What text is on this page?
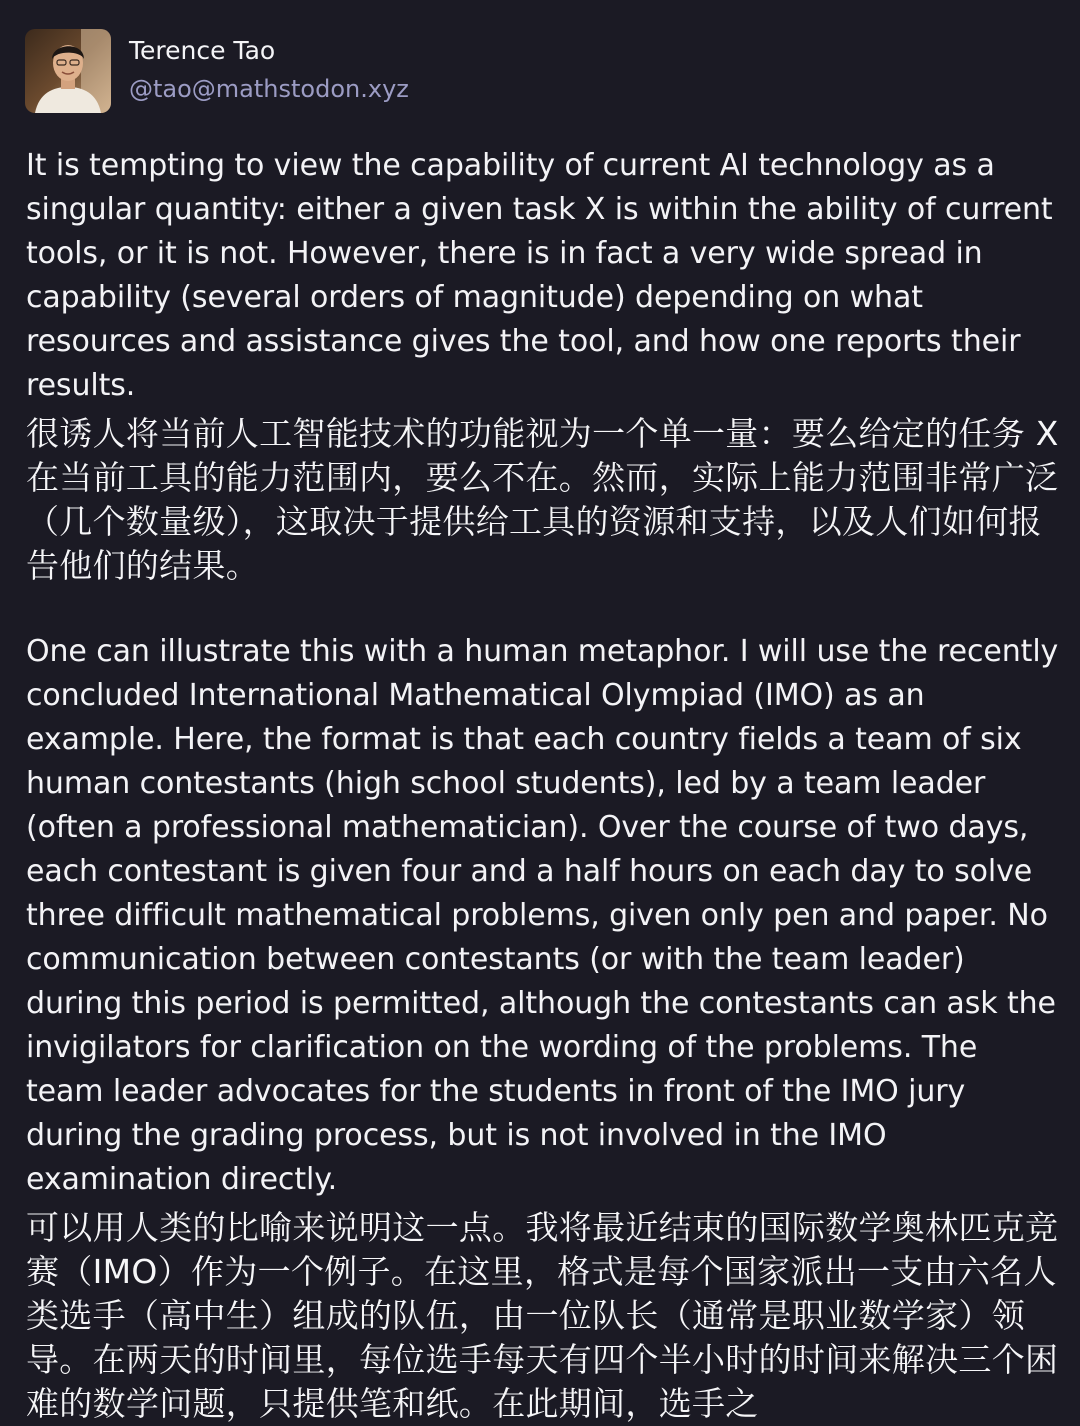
Terence Tao
@tao@mathstodon.xyz

It is tempting to view the capability of current AI technology as a singular quantity: either a given task X is within the ability of current tools, or it is not. However, there is in fact a very wide spread in capability (several orders of magnitude) depending on what resources and assistance gives the tool, and how one reports their results.

很诱人将当前人工智能技术的功能视为一个单一量：要么给定的任务 X 在当前工具的能力范围内，要么不在。然而，实际上能力范围非常广泛（几个数量级），这取决于提供给工具的资源和支持，以及人们如何报告他们的结果。

One can illustrate this with a human metaphor. I will use the recently concluded International Mathematical Olympiad (IMO) as an example. Here, the format is that each country fields a team of six human contestants (high school students), led by a team leader (often a professional mathematician). Over the course of two days, each contestant is given four and a half hours on each day to solve three difficult mathematical problems, given only pen and paper. No communication between contestants (or with the team leader) during this period is permitted, although the contestants can ask the invigilators for clarification on the wording of the problems. The team leader advocates for the students in front of the IMO jury during the grading process, but is not involved in the IMO examination directly.

可以用人类的比喻来说明这一点。我将最近结束的国际数学奥林匹克竞赛（IMO）作为一个例子。在这里，格式是每个国家派出一支由六名人类选手（高中生）组成的队伍，由一位队长（通常是职业数学家）领导。在两天的时间里，每位选手每天有四个半小时的时间来解决三个困难的数学问题，只提供笔和纸。在此期间，选手之
